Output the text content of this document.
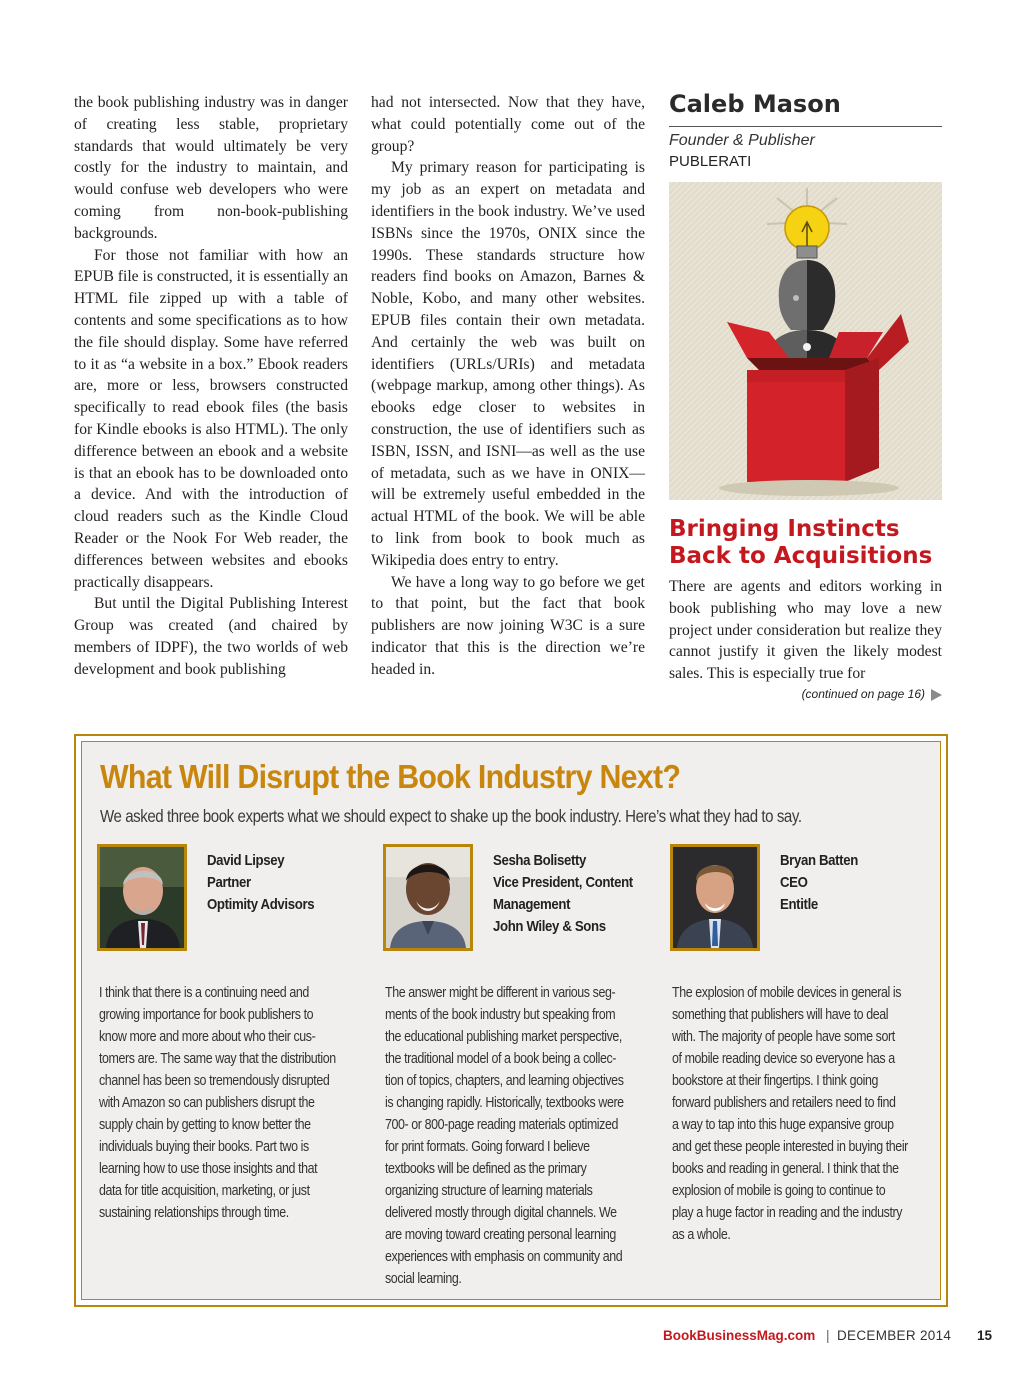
the book publishing industry was in danger of creating less stable, proprietary standards that would ultimately be very costly for the industry to maintain, and would confuse web developers who were coming from non-book-publishing backgrounds.

For those not familiar with how an EPUB file is constructed, it is essentially an HTML file zipped up with a table of contents and some specifications as to how the file should display. Some have referred to it as “a website in a box.” Ebook readers are, more or less, browsers constructed specifically to read ebook files (the basis for Kindle ebooks is also HTML). The only difference between an ebook and a website is that an ebook has to be downloaded onto a device. And with the introduction of cloud readers such as the Kindle Cloud Reader or the Nook For Web reader, the differences between websites and ebooks practically disappears.

But until the Digital Publishing Interest Group was created (and chaired by members of IDPF), the two worlds of web development and book publishing

had not intersected. Now that they have, what could potentially come out of the group?

My primary reason for participating is my job as an expert on metadata and identifiers in the book industry. We’ve used ISBNs since the 1970s, ONIX since the 1990s. These standards structure how readers find books on Amazon, Barnes & Noble, Kobo, and many other websites. EPUB files contain their own metadata. And certainly the web was built on identifiers (URLs/URIs) and metadata (webpage markup, among other things). As ebooks edge closer to websites in construction, the use of identifiers such as ISBN, ISSN, and ISNI—as well as the use of metadata, such as we have in ONIX—will be extremely useful embedded in the actual HTML of the book. We will be able to link from book to book much as Wikipedia does entry to entry.

We have a long way to go before we get to that point, but the fact that book publishers are now joining W3C is a sure indicator that this is the direction we’re headed in.

Caleb Mason
Founder & Publisher
PUBLERATI
Bringing Instincts Back to Acquisitions
There are agents and editors working in book publishing who may love a new project under consideration but realize they cannot justify it given the likely modest sales. This is especially true for
(continued on page 16)
What Will Disrupt the Book Industry Next?
We asked three book experts what we should expect to shake up the book industry. Here’s what they had to say.
David Lipsey
Partner
Optimity Advisors
I think that there is a continuing need and
growing importance for book publishers to
know more and more about who their cus-
tomers are. The same way that the distribution
channel has been so tremendously disrupted
with Amazon so can publishers disrupt the
supply chain by getting to know better the
individuals buying their books. Part two is
learning how to use those insights and that
data for title acquisition, marketing, or just
sustaining relationships through time.
Sesha Bolisetty
Vice President, Content
Management
John Wiley & Sons
The answer might be different in various seg-
ments of the book industry but speaking from
the educational publishing market perspective,
the traditional model of a book being a collec-
tion of topics, chapters, and learning objectives
is changing rapidly. Historically, textbooks were
700- or 800-page reading materials optimized
for print formats. Going forward I believe
textbooks will be defined as the primary
organizing structure of learning materials
delivered mostly through digital channels. We
are moving toward creating personal learning
experiences with emphasis on community and
social learning.
Bryan Batten
CEO
Entitle
The explosion of mobile devices in general is
something that publishers will have to deal
with. The majority of people have some sort
of mobile reading device so everyone has a
bookstore at their fingertips. I think going
forward publishers and retailers need to find
a way to tap into this huge expansive group
and get these people interested in buying their
books and reading in general. I think that the
explosion of mobile is going to continue to
play a huge factor in reading and the industry
as a whole.
BookBusinessMag.com | DECEMBER 2014 15
